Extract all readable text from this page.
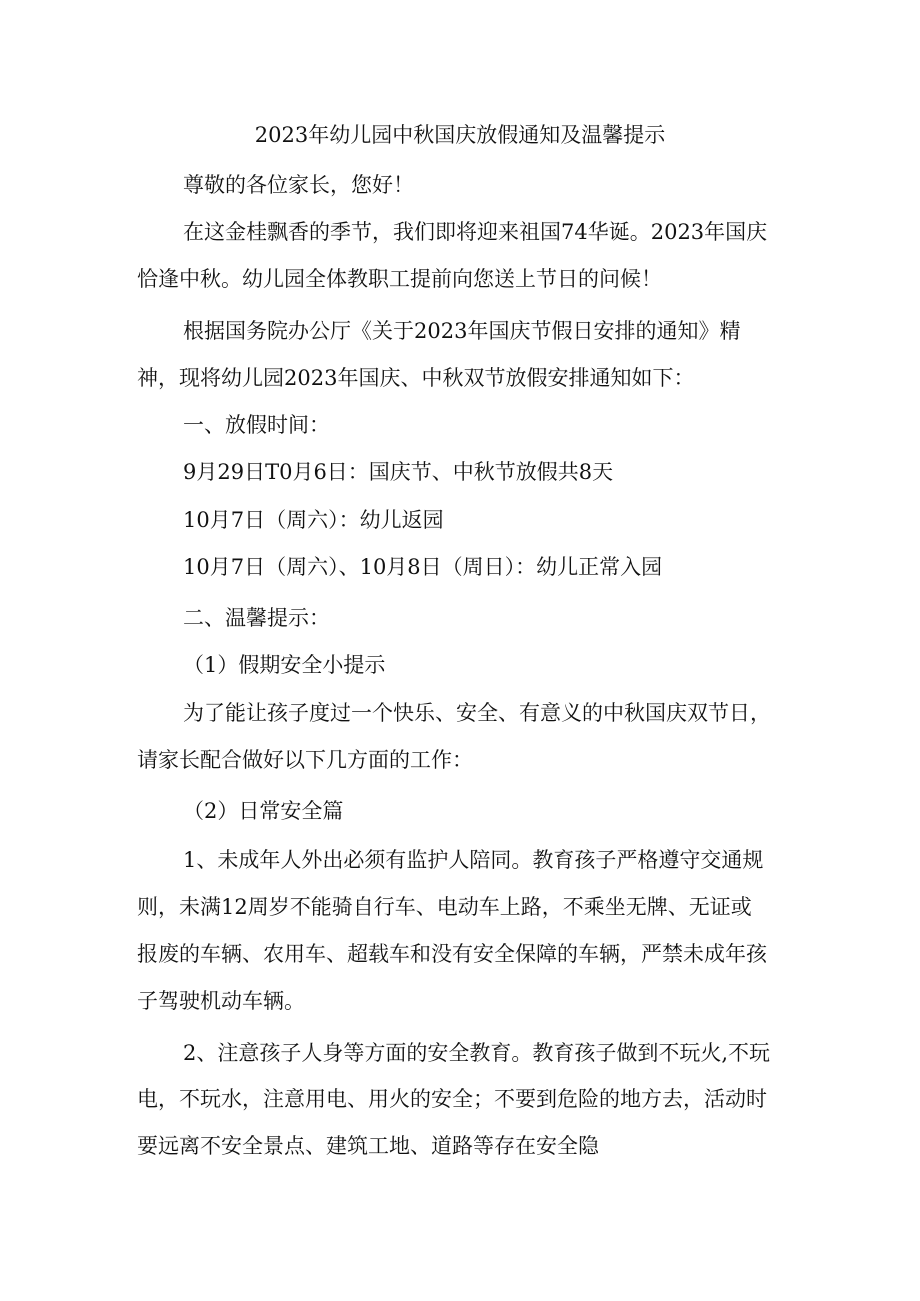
2023年幼儿园中秋国庆放假通知及温馨提示
尊敬的各位家长，您好！
在这金桂飘香的季节，我们即将迎来祖国74华诞。2023年国庆
恰逢中秋。幼儿园全体教职工提前向您送上节日的问候！
根据国务院办公厅《关于2023年国庆节假日安排的通知》精
神，现将幼儿园2023年国庆、中秋双节放假安排通知如下：
一、放假时间：
9月29日T0月6日：国庆节、中秋节放假共8天
10月7日（周六）：幼儿返园
10月7日（周六）、10月8日（周日）：幼儿正常入园
二、温馨提示：
（1）假期安全小提示
为了能让孩子度过一个快乐、安全、有意义的中秋国庆双节日，
请家长配合做好以下几方面的工作：
（2）日常安全篇
1、未成年人外出必须有监护人陪同。教育孩子严格遵守交通规
则，未满12周岁不能骑自行车、电动车上路，不乘坐无牌、无证或
报废的车辆、农用车、超载车和没有安全保障的车辆，严禁未成年孩
子驾驶机动车辆。
2、注意孩子人身等方面的安全教育。教育孩子做到不玩火,不玩
电，不玩水，注意用电、用火的安全；不要到危险的地方去，活动时
要远离不安全景点、建筑工地、道路等存在安全隐
